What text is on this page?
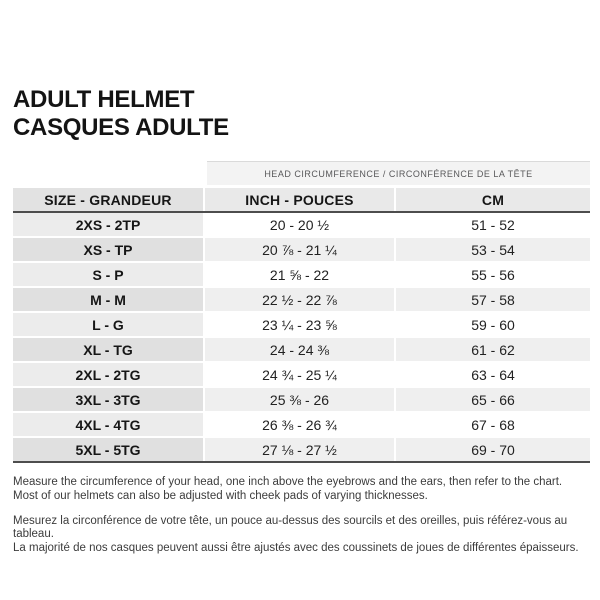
ADULT HELMET
CASQUES ADULTE
HEAD CIRCUMFERENCE / CIRCONFÉRENCE DE LA TÊTE
SIZE - GRANDEUR	INCH - POUCES	CM
2XS - 2TP	20 - 20 ½	51 - 52
XS - TP	20 ⅞ - 21 ¼	53 - 54
S - P	21 ⅝ - 22	55 - 56
M - M	22 ½ - 22 ⅞	57 - 58
L - G	23 ¼ - 23 ⅝	59 - 60
XL - TG	24 - 24 ⅜	61 - 62
2XL - 2TG	24 ¾ - 25 ¼	63 - 64
3XL - 3TG	25 ⅜ - 26	65 - 66
4XL - 4TG	26 ⅜ - 26 ¾	67 - 68
5XL - 5TG	27 ⅛ - 27 ½	69 - 70

Measure the circumference of your head, one inch above the eyebrows and the ears, then refer to the chart.

Most of our helmets can also be adjusted with cheek pads of varying thicknesses.

Mesurez la circonférence de votre tête, un pouce au-dessus des sourcils et des oreilles, puis référez-vous au tableau.

La majorité de nos casques peuvent aussi être ajustés avec des coussinets de joues de différentes épaisseurs.
